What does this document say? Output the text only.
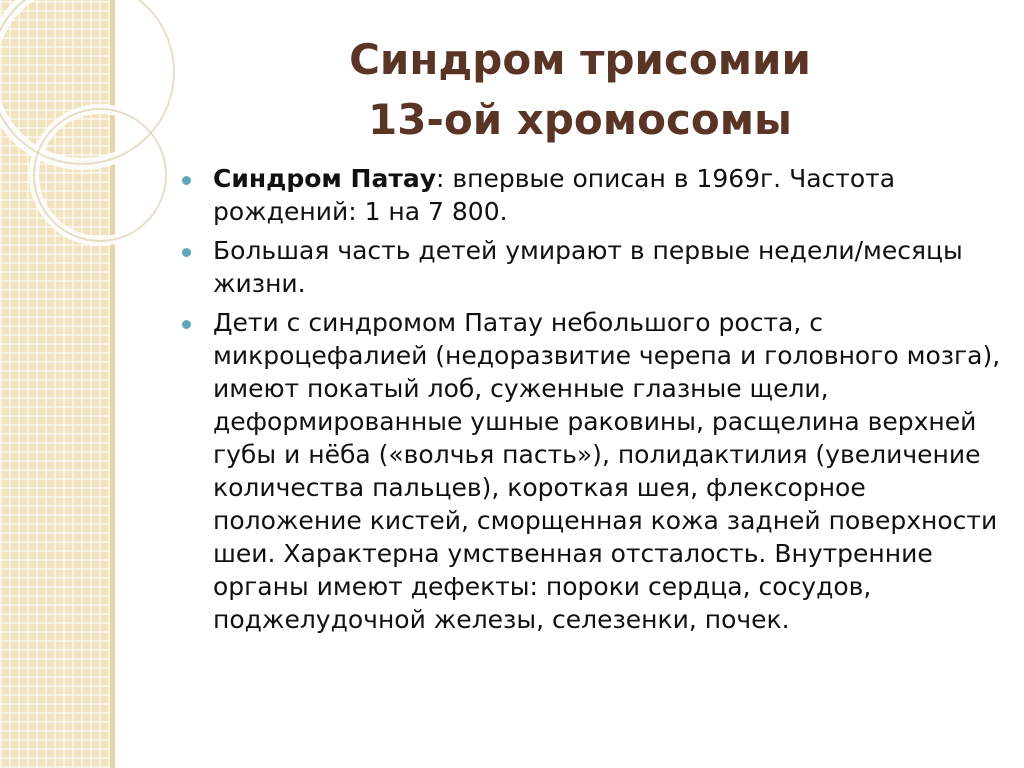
Синдром трисомии
13-ой хромосомы
Синдром Патау: впервые описан в 1969г. Частота рождений: 1 на 7 800.
Большая часть детей умирают в первые недели/месяцы жизни.
Дети с синдромом Патау небольшого роста, с микроцефалией (недоразвитие черепа и головного мозга), имеют покатый лоб, суженные глазные щели, деформированные ушные раковины, расщелина верхней губы и нёба («волчья пасть»), полидактилия (увеличение количества пальцев), короткая шея, флексорное положение кистей, сморщенная кожа задней поверхности шеи. Характерна умственная отсталость. Внутренние органы имеют дефекты: пороки сердца, сосудов, поджелудочной железы, селезенки, почек.
